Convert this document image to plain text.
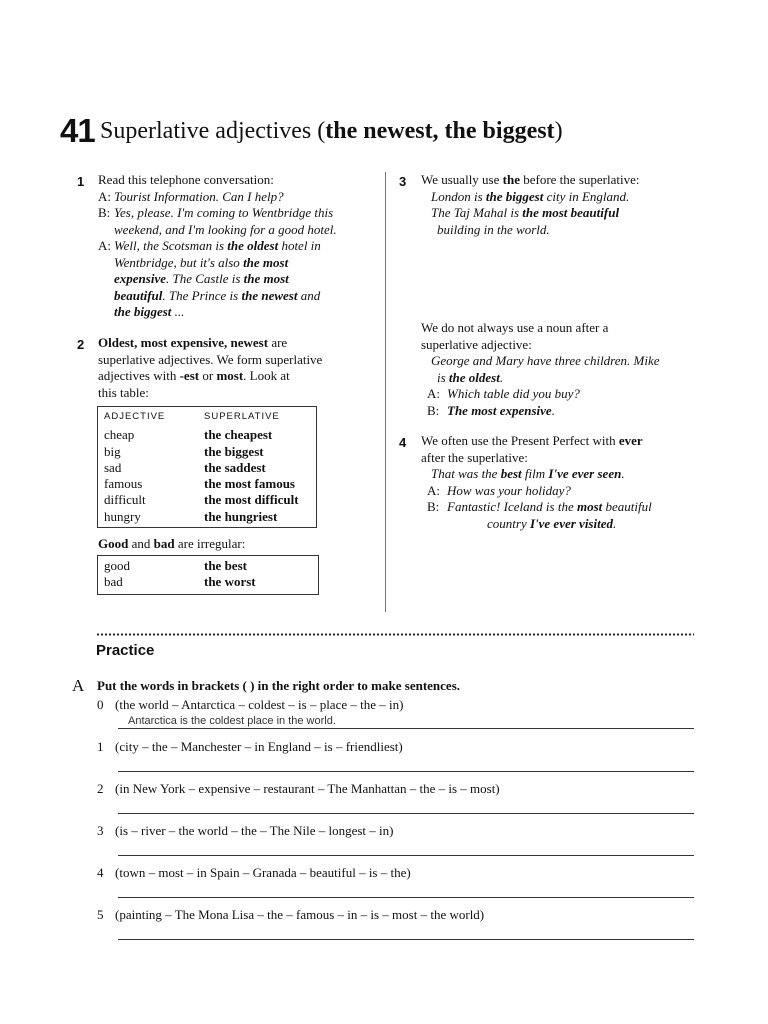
41 Superlative adjectives (the newest, the biggest)
1 Read this telephone conversation:
A: Tourist Information. Can I help?
B: Yes, please. I'm coming to Wentbridge this
weekend, and I'm looking for a good hotel.
A: Well, the Scotsman is the oldest hotel in
Wentbridge, but it's also the most
expensive. The Castle is the most
beautiful. The Prince is the newest and
the biggest ...
2 Oldest, most expensive, newest are
superlative adjectives. We form superlative
adjectives with -est or most. Look at
this table:
ADJECTIVE	SUPERLATIVE
cheap	the cheapest
big	the biggest
sad	the saddest
famous	the most famous
difficult	the most difficult
hungry	the hungriest
Good and bad are irregular:
good	the best
bad	the worst
3 We usually use the before the superlative:
London is the biggest city in England.
The Taj Mahal is the most beautiful
building in the world.
We do not always use a noun after a
superlative adjective:
George and Mary have three children. Mike
is the oldest.
A: Which table did you buy?
B: The most expensive.
4 We often use the Present Perfect with ever
after the superlative:
That was the best film I've ever seen.
A: How was your holiday?
B: Fantastic! Iceland is the most beautiful
country I've ever visited.
Practice
A Put the words in brackets ( ) in the right order to make sentences.
0 (the world – Antarctica – coldest – is – place – the – in)
Antarctica is the coldest place in the world.
1 (city – the – Manchester – in England – is – friendliest)
2 (in New York – expensive – restaurant – The Manhattan – the – is – most)
3 (is – river – the world – the – The Nile – longest – in)
4 (town – most – in Spain – Granada – beautiful – is – the)
5 (painting – The Mona Lisa – the – famous – in – is – most – the world)
